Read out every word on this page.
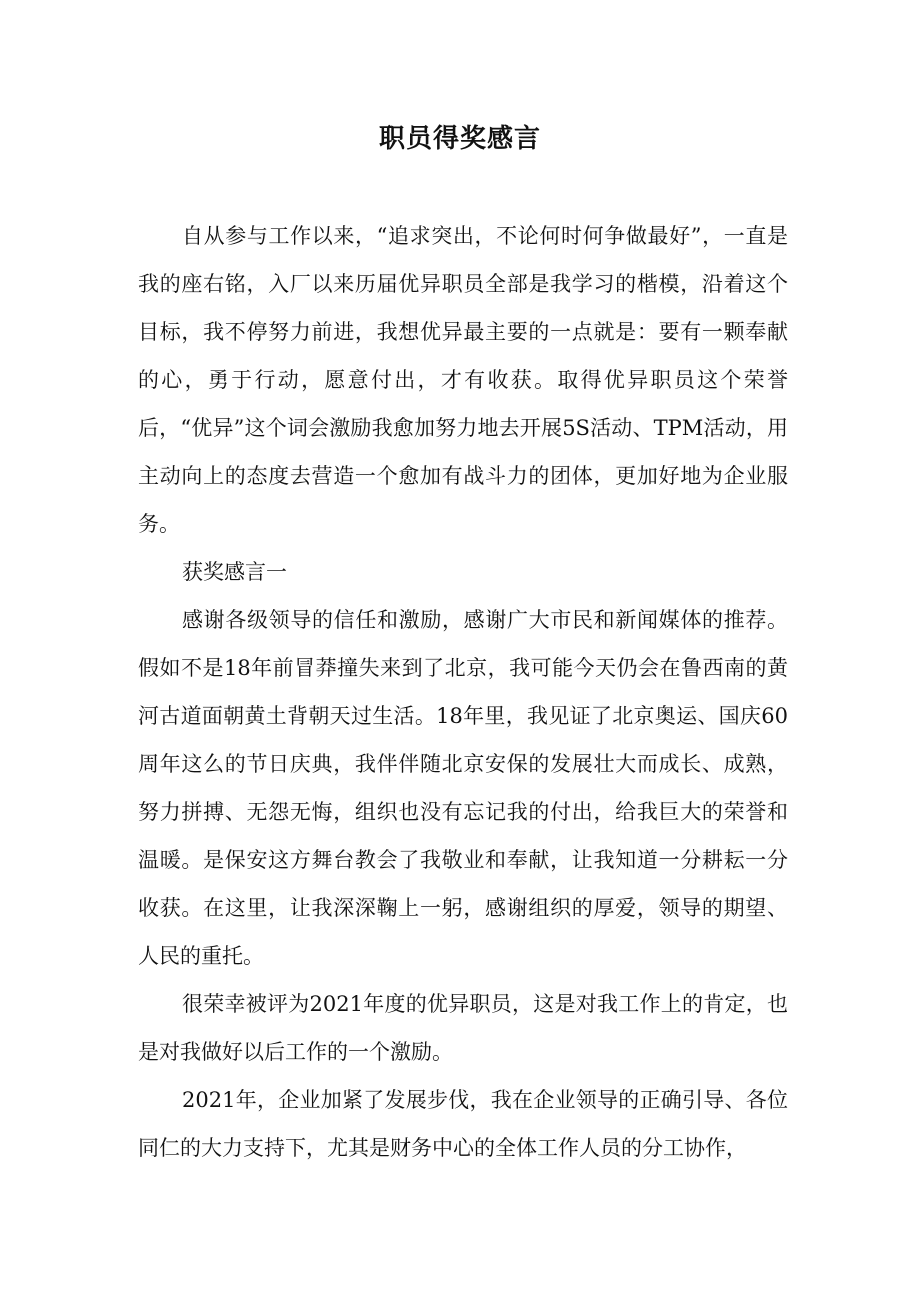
职员得奖感言

自从参与工作以来，“追求突出，不论何时何争做最好”，一直是我的座右铭，入厂以来历届优异职员全部是我学习的楷模，沿着这个目标，我不停努力前进，我想优异最主要的一点就是：要有一颗奉献的心，勇于行动，愿意付出，才有收获。取得优异职员这个荣誉后，“优异”这个词会激励我愈加努力地去开展5S活动、TPM活动，用主动向上的态度去营造一个愈加有战斗力的团体，更加好地为企业服务。

获奖感言一

感谢各级领导的信任和激励，感谢广大市民和新闻媒体的推荐。假如不是18年前冒莽撞失来到了北京，我可能今天仍会在鲁西南的黄河古道面朝黄土背朝天过生活。18年里，我见证了北京奥运、国庆60周年这么的节日庆典，我伴伴随北京安保的发展壮大而成长、成熟，努力拼搏、无怨无悔，组织也没有忘记我的付出，给我巨大的荣誉和温暖。是保安这方舞台教会了我敬业和奉献，让我知道一分耕耘一分收获。在这里，让我深深鞠上一躬，感谢组织的厚爱，领导的期望、人民的重托。

很荣幸被评为2021年度的优异职员，这是对我工作上的肯定，也是对我做好以后工作的一个激励。

2021年，企业加紧了发展步伐，我在企业领导的正确引导、各位同仁的大力支持下，尤其是财务中心的全体工作人员的分工协作，
